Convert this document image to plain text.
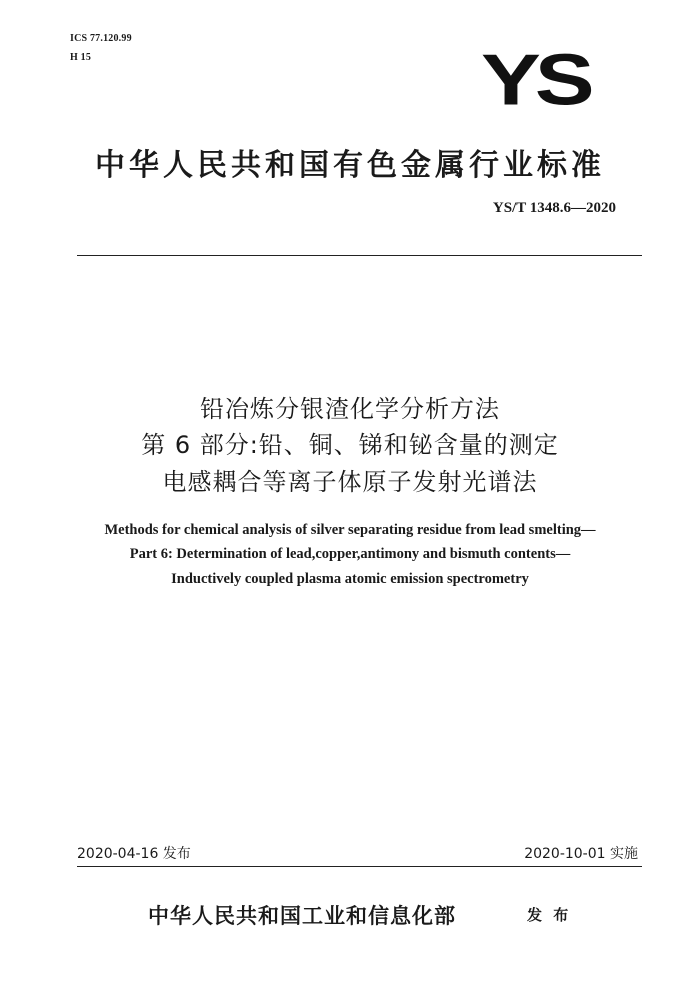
ICS 77.120.99
H 15	YS
中华人民共和国有色金属行业标准
YS/T 1348.6—2020
铅冶炼分银渣化学分析方法
第 6 部分:铅、铜、锑和铋含量的测定
电感耦合等离子体原子发射光谱法
Methods for chemical analysis of silver separating residue from lead smelting—
Part 6: Determination of lead,copper,antimony and bismuth contents—
Inductively coupled plasma atomic emission spectrometry
2020-04-16 发布	2020-10-01 实施
中华人民共和国工业和信息化部	发 布
